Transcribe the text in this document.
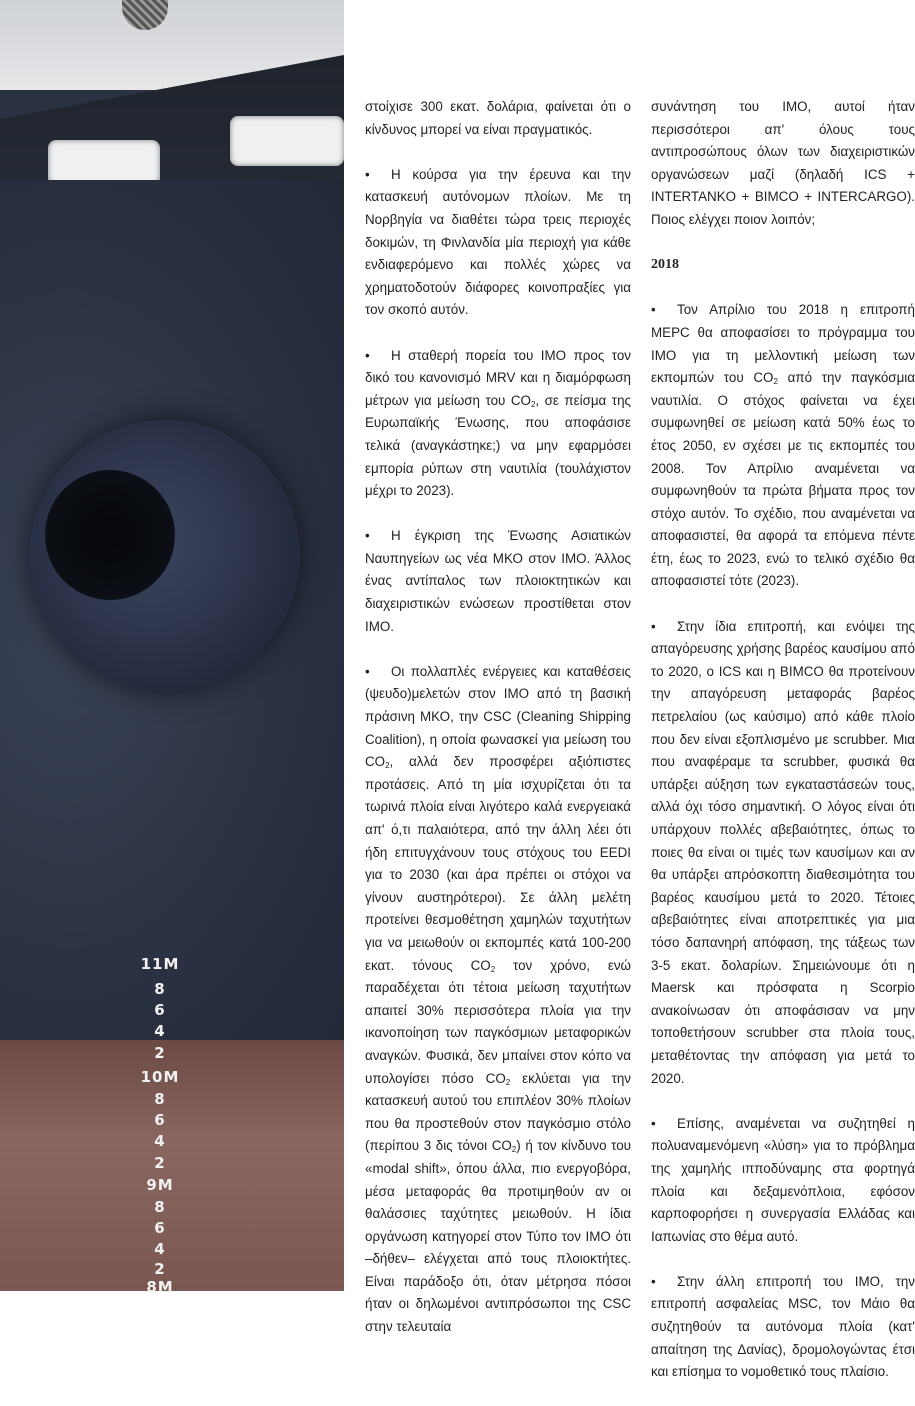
11M
8
6
4
2
10M
8
6
4
2
9M
8
6
4
2
8M

στοίχισε 300 εκατ. δολάρια, φαίνεται ότι ο κίνδυνος μπορεί να είναι πραγματικός.

• Η κούρσα για την έρευνα και την κατασκευή αυτόνομων πλοίων. Με τη Νορβηγία να διαθέτει τώρα τρεις περιοχές δοκιμών, τη Φινλανδία μία περιοχή για κάθε ενδιαφερόμενο και πολλές χώρες να χρηματοδοτούν διάφορες κοινοπραξίες για τον σκοπό αυτόν.

• Η σταθερή πορεία του ΙΜΟ προς τον δικό του κανονισμό MRV και η διαμόρφωση μέτρων για μείωση του $CO_2$, σε πείσμα της Ευρωπαϊκής Ένωσης, που αποφάσισε τελικά (αναγκάστηκε;) να μην εφαρμόσει εμπορία ρύπων στη ναυτιλία (τουλάχιστον μέχρι το 2023).

• Η έγκριση της Ένωσης Ασιατικών Ναυπηγείων ως νέα ΜΚΟ στον ΙΜΟ. Άλλος ένας αντίπαλος των πλοιοκτητικών και διαχειριστικών ενώσεων προστίθεται στον ΙΜΟ.

• Οι πολλαπλές ενέργειες και καταθέσεις (ψευδο)μελετών στον ΙΜΟ από τη βασική πράσινη ΜΚΟ, την CSC (Cleaning Shipping Coalition), η οποία φωνασκεί για μείωση του $CO_2$, αλλά δεν προσφέρει αξιόπιστες προτάσεις. Από τη μία ισχυρίζεται ότι τα τωρινά πλοία είναι λιγότερο καλά ενεργειακά απ' ό,τι παλαιότερα, από την άλλη λέει ότι ήδη επιτυγχάνουν τους στόχους του EEDI για το 2030 (και άρα πρέπει οι στόχοι να γίνουν αυστηρότεροι). Σε άλλη μελέτη προτείνει θεσμοθέτηση χαμηλών ταχυτήτων για να μειωθούν οι εκπομπές κατά 100-200 εκατ. τόνους $CO_2$ τον χρόνο, ενώ παραδέχεται ότι τέτοια μείωση ταχυτήτων απαιτεί 30% περισσότερα πλοία για την ικανοποίηση των παγκόσμιων μεταφορικών αναγκών. Φυσικά, δεν μπαίνει στον κόπο να υπολογίσει πόσο $CO_2$ εκλύεται για την κατασκευή αυτού του επιπλέον 30% πλοίων που θα προστεθούν στον παγκόσμιο στόλο (περίπου 3 δις τόνοι $CO_2$) ή τον κίνδυνο του «modal shift», όπου άλλα, πιο ενεργοβόρα, μέσα μεταφοράς θα προτιμηθούν αν οι θαλάσσιες ταχύτητες μειωθούν. Η ίδια οργάνωση κατηγορεί στον Τύπο τον ΙΜΟ ότι –δήθεν– ελέγχεται από τους πλοιοκτήτες. Είναι παράδοξο ότι, όταν μέτρησα πόσοι ήταν οι δηλωμένοι αντιπρόσωποι της CSC στην τελευταία

συνάντηση του ΙΜΟ, αυτοί ήταν περισσότεροι απ' όλους τους αντιπροσώπους όλων των διαχειριστικών οργανώσεων μαζί (δηλαδή ICS + INTERTANKO + BIMCO + INTERCARGO). Ποιος ελέγχει ποιον λοιπόν;

2018

• Τον Απρίλιο του 2018 η επιτροπή MEPC θα αποφασίσει το πρόγραμμα του ΙΜΟ για τη μελλοντική μείωση των εκπομπών του $CO_2$ από την παγκόσμια ναυτιλία. Ο στόχος φαίνεται να έχει συμφωνηθεί σε μείωση κατά 50% έως το έτος 2050, εν σχέσει με τις εκπομπές του 2008. Τον Απρίλιο αναμένεται να συμφωνηθούν τα πρώτα βήματα προς τον στόχο αυτόν. Το σχέδιο, που αναμένεται να αποφασιστεί, θα αφορά τα επόμενα πέντε έτη, έως το 2023, ενώ το τελικό σχέδιο θα αποφασιστεί τότε (2023).

• Στην ίδια επιτροπή, και ενόψει της απαγόρευσης χρήσης βαρέος καυσίμου από το 2020, ο ICS και η BIMCO θα προτείνουν την απαγόρευση μεταφοράς βαρέος πετρελαίου (ως καύσιμο) από κάθε πλοίο που δεν είναι εξοπλισμένο με scrubber. Μια που αναφέραμε τα scrubber, φυσικά θα υπάρξει αύξηση των εγκαταστάσεών τους, αλλά όχι τόσο σημαντική. Ο λόγος είναι ότι υπάρχουν πολλές αβεβαιότητες, όπως το ποιες θα είναι οι τιμές των καυσίμων και αν θα υπάρξει απρόσκοπτη διαθεσιμότητα του βαρέος καυσίμου μετά το 2020. Τέτοιες αβεβαιότητες είναι αποτρεπτικές για μια τόσο δαπανηρή απόφαση, της τάξεως των 3-5 εκατ. δολαρίων. Σημειώνουμε ότι η Maersk και πρόσφατα η Scorpio ανακοίνωσαν ότι αποφάσισαν να μην τοποθετήσουν scrubber στα πλοία τους, μεταθέτοντας την απόφαση για μετά το 2020.

• Επίσης, αναμένεται να συζητηθεί η πολυαναμενόμενη «λύση» για το πρόβλημα της χαμηλής ιπποδύναμης στα φορτηγά πλοία και δεξαμενόπλοια, εφόσον καρποφορήσει η συνεργασία Ελλάδας και Ιαπωνίας στο θέμα αυτό.

• Στην άλλη επιτροπή του ΙΜΟ, την επιτροπή ασφαλείας MSC, τον Μάιο θα συζητηθούν τα αυτόνομα πλοία (κατ' απαίτηση της Δανίας), δρομολογώντας έτσι και επίσημα το νομοθετικό τους πλαίσιο.
